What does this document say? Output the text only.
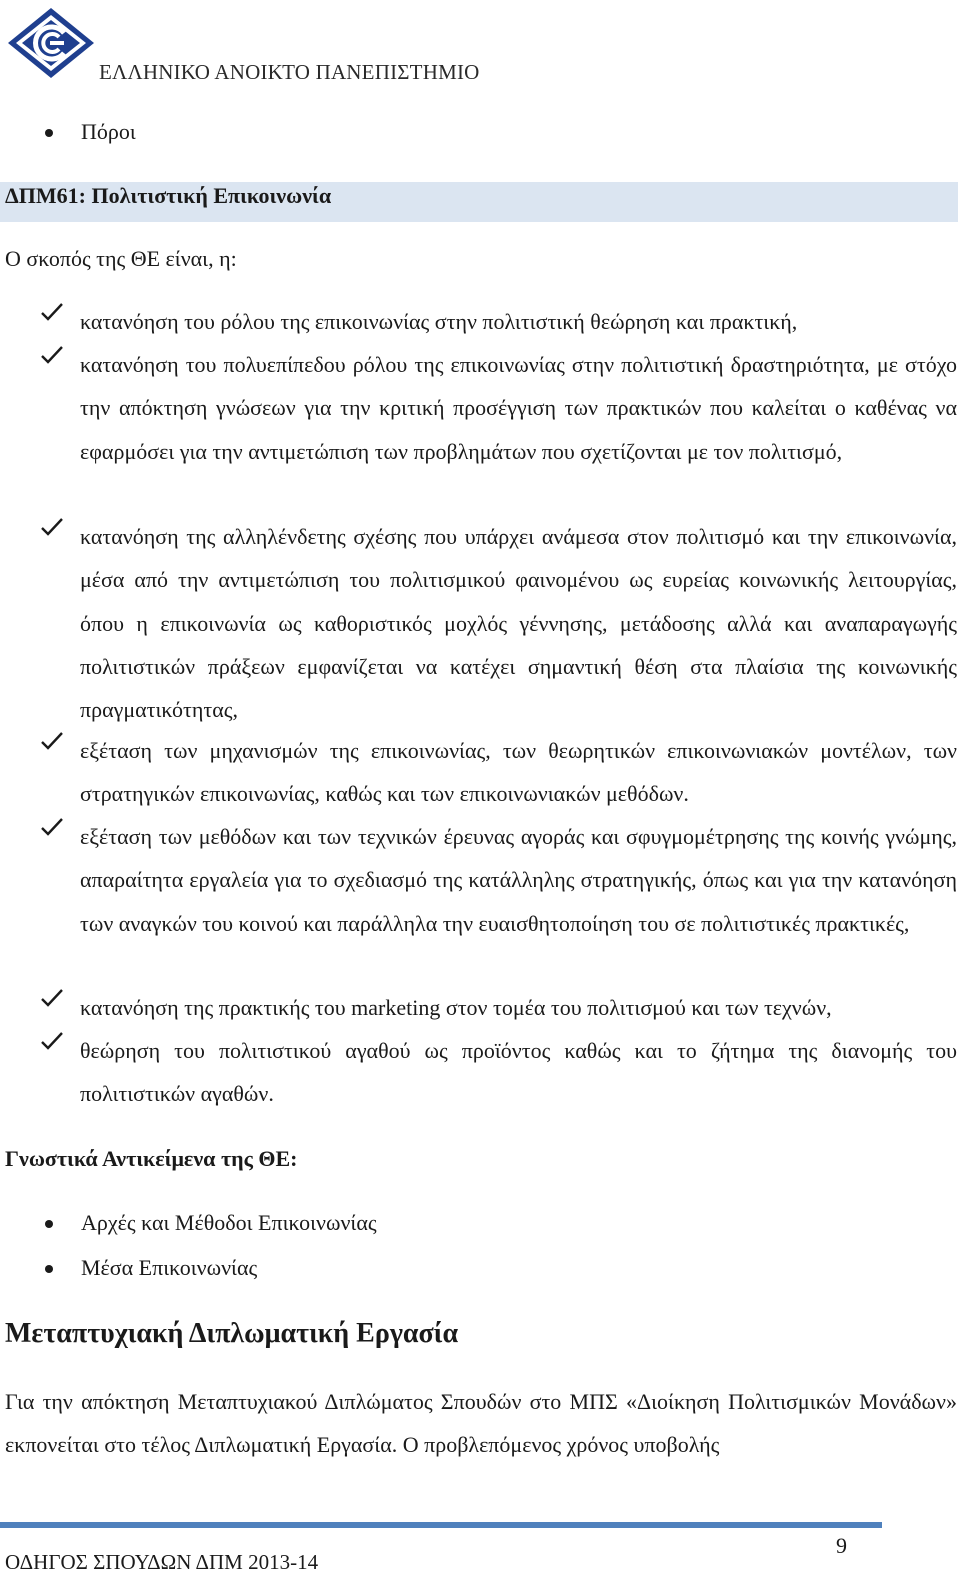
ΕΛΛΗΝΙΚΟ ΑΝΟΙΚΤΟ ΠΑΝΕΠΙΣΤΗΜΙΟ
Πόροι
ΔΠΜ61: Πολιτιστική Επικοινωνία
Ο σκοπός της ΘΕ είναι, η:
κατανόηση του ρόλου της επικοινωνίας στην πολιτιστική θεώρηση και πρακτική,
κατανόηση του πολυεπίπεδου ρόλου της επικοινωνίας στην πολιτιστική δραστηριότητα, με στόχο την απόκτηση γνώσεων για την κριτική προσέγγιση των πρακτικών που καλείται ο καθένας να εφαρμόσει για την αντιμετώπιση των προβλημάτων που σχετίζονται με τον πολιτισμό,
κατανόηση της αλληλένδετης σχέσης που υπάρχει ανάμεσα στον πολιτισμό και την επικοινωνία, μέσα από την αντιμετώπιση του πολιτισμικού φαινομένου ως ευρείας κοινωνικής λειτουργίας, όπου η επικοινωνία ως καθοριστικός μοχλός γέννησης, μετάδοσης αλλά και αναπαραγωγής πολιτιστικών πράξεων εμφανίζεται να κατέχει σημαντική θέση στα πλαίσια της κοινωνικής πραγματικότητας,
εξέταση των μηχανισμών της επικοινωνίας, των θεωρητικών επικοινωνιακών μοντέλων, των στρατηγικών επικοινωνίας, καθώς και των επικοινωνιακών μεθόδων.
εξέταση των μεθόδων και των τεχνικών έρευνας αγοράς και σφυγμομέτρησης της κοινής γνώμης, απαραίτητα εργαλεία για το σχεδιασμό της κατάλληλης στρατηγικής, όπως και για την κατανόηση των αναγκών του κοινού και παράλληλα την ευαισθητοποίηση του σε πολιτιστικές πρακτικές,
κατανόηση της πρακτικής του marketing στον τομέα του πολιτισμού και των τεχνών,
θεώρηση του πολιτιστικού αγαθού ως προϊόντος καθώς και το ζήτημα της διανομής του πολιτιστικών αγαθών.
Γνωστικά Αντικείμενα της ΘΕ:
Αρχές και Μέθοδοι Επικοινωνίας
Μέσα Επικοινωνίας
Μεταπτυχιακή Διπλωματική Εργασία
Για την απόκτηση Μεταπτυχιακού Διπλώματος Σπουδών στο ΜΠΣ «Διοίκηση Πολιτισμικών Μονάδων» εκπονείται στο τέλος Διπλωματική Εργασία. Ο προβλεπόμενος χρόνος υποβολής
9
ΟΔΗΓΟΣ ΣΠΟΥΔΩΝ ΔΠΜ 2013-14
